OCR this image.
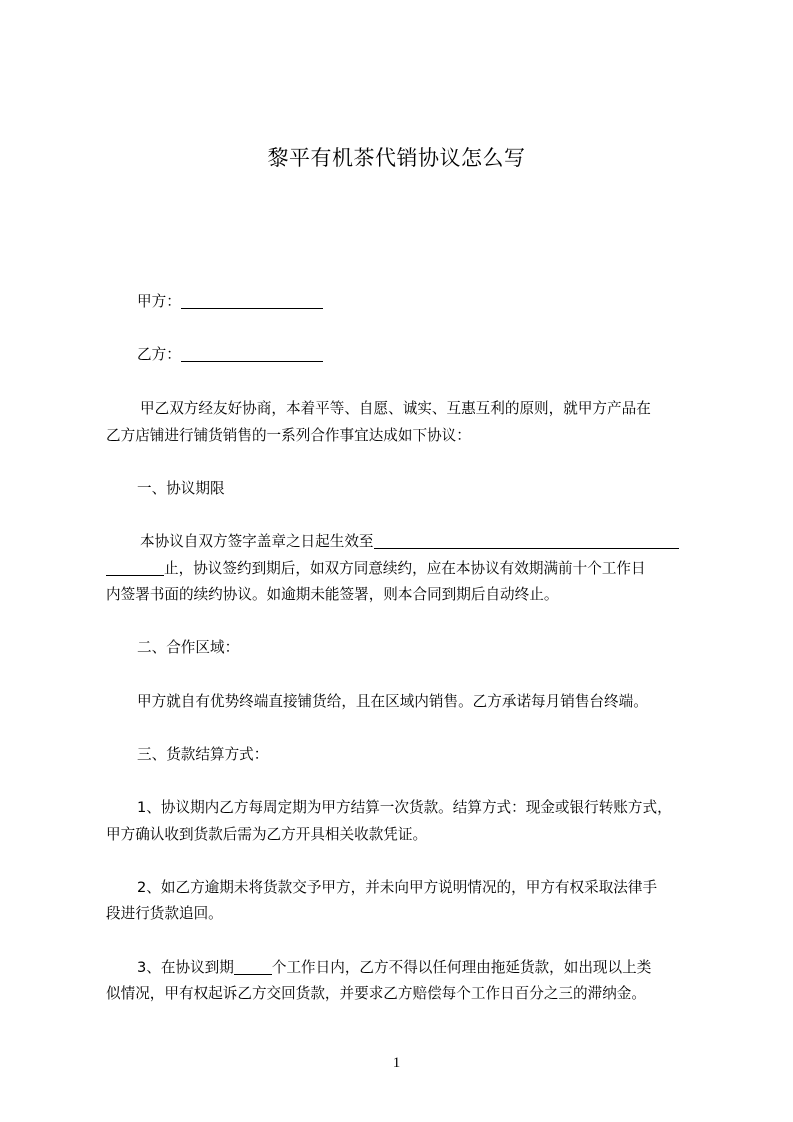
黎平有机茶代销协议怎么写
甲方：
乙方：
甲乙双方经友好协商，本着平等、自愿、诚实、互惠互利的原则，就甲方产品在
乙方店铺进行铺货销售的一系列合作事宜达成如下协议：
一、协议期限
本协议自双方签字盖章之日起生效至
止，协议签约到期后，如双方同意续约，应在本协议有效期满前十个工作日
内签署书面的续约协议。如逾期未能签署，则本合同到期后自动终止。
二、合作区域：
甲方就自有优势终端直接铺货给，且在区域内销售。乙方承诺每月销售台终端。
三、货款结算方式：
1、协议期内乙方每周定期为甲方结算一次货款。结算方式：现金或银行转账方式，
甲方确认收到货款后需为乙方开具相关收款凭证。
2、如乙方逾期未将货款交予甲方，并未向甲方说明情况的，甲方有权采取法律手
段进行货款追回。
3、在协议到期	个工作日内，乙方不得以任何理由拖延货款，如出现以上类
似情况，甲有权起诉乙方交回货款，并要求乙方赔偿每个工作日百分之三的滞纳金。
1
